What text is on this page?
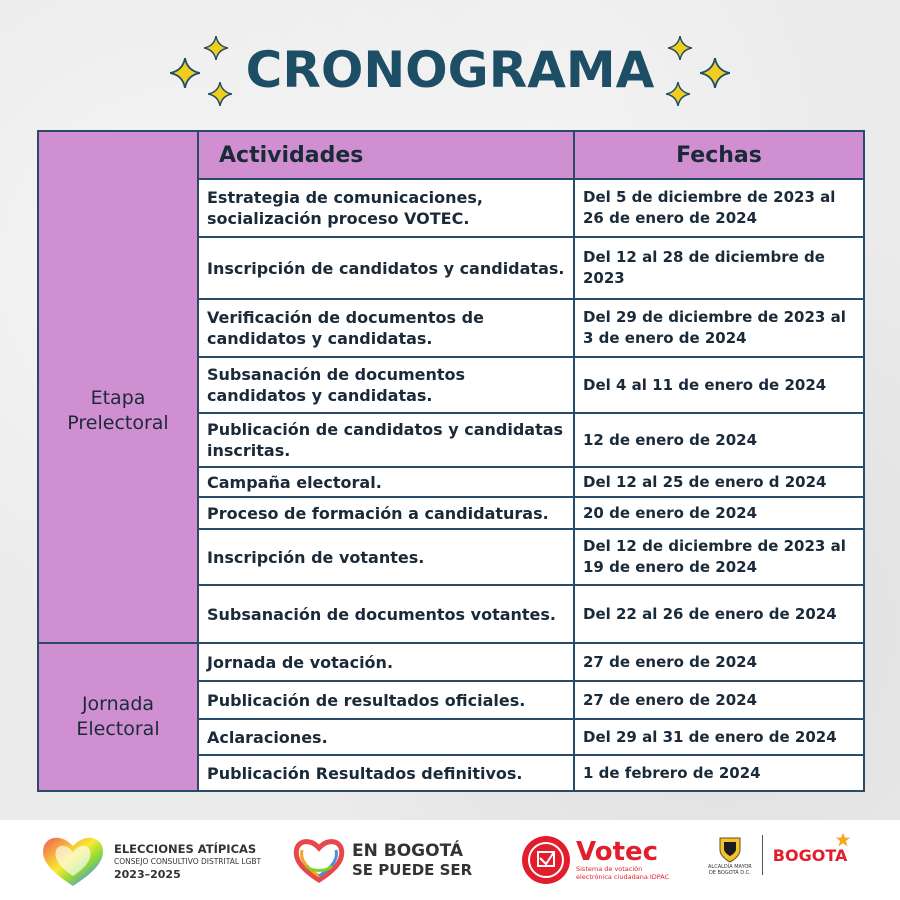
CRONOGRAMA
	Actividades	Fechas
Etapa Prelectoral	Estrategia de comunicaciones, socialización proceso VOTEC.	Del 5 de diciembre de 2023 al 26 de enero de 2024
	Inscripción de candidatos y candidatas.	Del 12 al 28 de diciembre de 2023
	Verificación de documentos de candidatos y candidatas.	Del 29 de diciembre de 2023 al 3 de enero de 2024
	Subsanación de documentos candidatos y candidatas.	Del 4 al 11 de enero de 2024
	Publicación de candidatos y candidatas inscritas.	12 de enero de 2024
	Campaña electoral.	Del 12 al 25 de enero d 2024
	Proceso de formación a candidaturas.	20 de enero de 2024
	Inscripción de votantes.	Del 12 de diciembre de 2023 al 19 de enero de 2024
	Subsanación de documentos votantes.	Del 22 al 26 de enero de 2024
Jornada Electoral	Jornada de votación.	27 de enero de 2024
	Publicación de resultados oficiales.	27 de enero de 2024
	Aclaraciones.	Del 29 al 31 de enero de 2024
	Publicación Resultados definitivos.	1 de febrero de 2024
ELECCIONES ATÍPICAS
CONSEJO CONSULTIVO DISTRITAL LGBT
2023–2025
EN BOGOTÁ
SE PUEDE SER
Votec
Sistema de votación
electrónica ciudadana IDPAC
ALCALDÍA MAYOR
DE BOGOTÁ D.C.
BOGOTA
